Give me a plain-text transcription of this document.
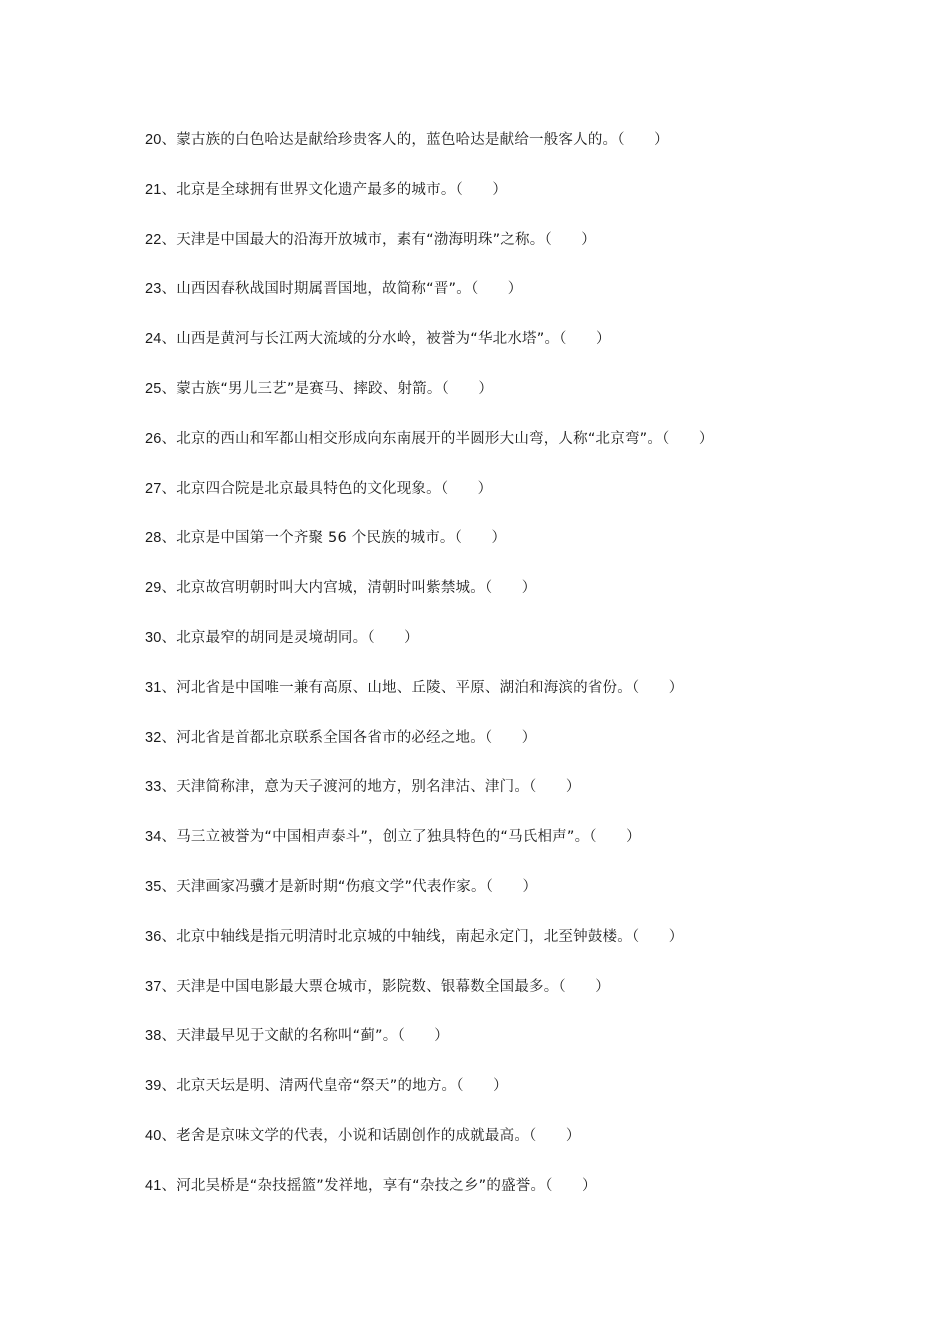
20、蒙古族的白色哈达是献给珍贵客人的，蓝色哈达是献给一般客人的。（　　）
21、北京是全球拥有世界文化遗产最多的城市。（　　）
22、天津是中国最大的沿海开放城市，素有“渤海明珠”之称。（　　）
23、山西因春秋战国时期属晋国地，故简称“晋”。（　　）
24、山西是黄河与长江两大流域的分水岭，被誉为“华北水塔”。（　　）
25、蒙古族“男儿三艺”是赛马、摔跤、射箭。（　　）
26、北京的西山和军都山相交形成向东南展开的半圆形大山弯，人称“北京弯”。（　　）
27、北京四合院是北京最具特色的文化现象。（　　）
28、北京是中国第一个齐聚 56 个民族的城市。（　　）
29、北京故宫明朝时叫大内宫城，清朝时叫紫禁城。（　　）
30、北京最窄的胡同是灵境胡同。（　　）
31、河北省是中国唯一兼有高原、山地、丘陵、平原、湖泊和海滨的省份。（　　）
32、河北省是首都北京联系全国各省市的必经之地。（　　）
33、天津简称津，意为天子渡河的地方，别名津沽、津门。（　　）
34、马三立被誉为“中国相声泰斗”，创立了独具特色的“马氏相声”。（　　）
35、天津画家冯骥才是新时期“伤痕文学”代表作家。（　　）
36、北京中轴线是指元明清时北京城的中轴线，南起永定门，北至钟鼓楼。（　　）
37、天津是中国电影最大票仓城市，影院数、银幕数全国最多。（　　）
38、天津最早见于文献的名称叫“蓟”。（　　）
39、北京天坛是明、清两代皇帝“祭天”的地方。（　　）
40、老舍是京味文学的代表，小说和话剧创作的成就最高。（　　）
41、河北吴桥是“杂技摇篮”发祥地，享有“杂技之乡”的盛誉。（　　）
